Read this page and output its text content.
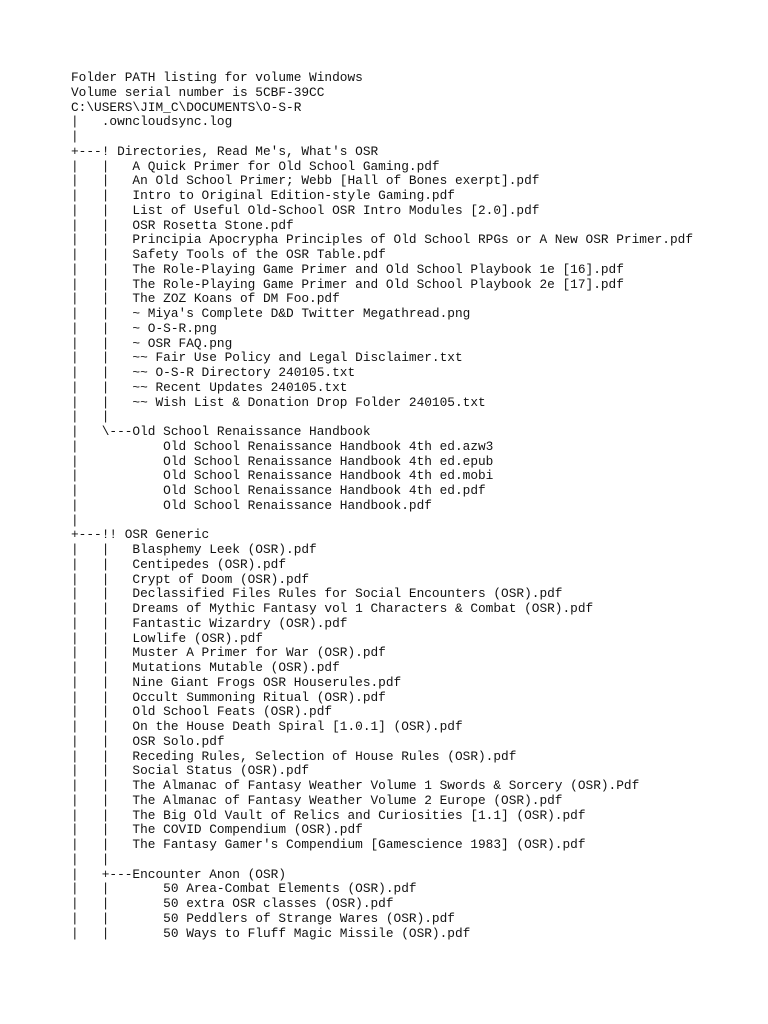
Folder PATH listing for volume Windows
Volume serial number is 5CBF-39CC
C:\USERS\JIM_C\DOCUMENTS\O-S-R
|   .owncloudsync.log
|
+---! Directories, Read Me's, What's OSR
|   |   A Quick Primer for Old School Gaming.pdf
|   |   An Old School Primer; Webb [Hall of Bones exerpt].pdf
|   |   Intro to Original Edition-style Gaming.pdf
|   |   List of Useful Old-School OSR Intro Modules [2.0].pdf
|   |   OSR Rosetta Stone.pdf
|   |   Principia Apocrypha Principles of Old School RPGs or A New OSR Primer.pdf
|   |   Safety Tools of the OSR Table.pdf
|   |   The Role-Playing Game Primer and Old School Playbook 1e [16].pdf
|   |   The Role-Playing Game Primer and Old School Playbook 2e [17].pdf
|   |   The ZOZ Koans of DM Foo.pdf
|   |   ~ Miya's Complete D&D Twitter Megathread.png
|   |   ~ O-S-R.png
|   |   ~ OSR FAQ.png
|   |   ~~ Fair Use Policy and Legal Disclaimer.txt
|   |   ~~ O-S-R Directory 240105.txt
|   |   ~~ Recent Updates 240105.txt
|   |   ~~ Wish List & Donation Drop Folder 240105.txt
|   |
|   \---Old School Renaissance Handbook
|           Old School Renaissance Handbook 4th ed.azw3
|           Old School Renaissance Handbook 4th ed.epub
|           Old School Renaissance Handbook 4th ed.mobi
|           Old School Renaissance Handbook 4th ed.pdf
|           Old School Renaissance Handbook.pdf
|
+---!! OSR Generic
|   |   Blasphemy Leek (OSR).pdf
|   |   Centipedes (OSR).pdf
|   |   Crypt of Doom (OSR).pdf
|   |   Declassified Files Rules for Social Encounters (OSR).pdf
|   |   Dreams of Mythic Fantasy vol 1 Characters & Combat (OSR).pdf
|   |   Fantastic Wizardry (OSR).pdf
|   |   Lowlife (OSR).pdf
|   |   Muster A Primer for War (OSR).pdf
|   |   Mutations Mutable (OSR).pdf
|   |   Nine Giant Frogs OSR Houserules.pdf
|   |   Occult Summoning Ritual (OSR).pdf
|   |   Old School Feats (OSR).pdf
|   |   On the House Death Spiral [1.0.1] (OSR).pdf
|   |   OSR Solo.pdf
|   |   Receding Rules, Selection of House Rules (OSR).pdf
|   |   Social Status (OSR).pdf
|   |   The Almanac of Fantasy Weather Volume 1 Swords & Sorcery (OSR).Pdf
|   |   The Almanac of Fantasy Weather Volume 2 Europe (OSR).pdf
|   |   The Big Old Vault of Relics and Curiosities [1.1] (OSR).pdf
|   |   The COVID Compendium (OSR).pdf
|   |   The Fantasy Gamer's Compendium [Gamescience 1983] (OSR).pdf
|   |
|   +---Encounter Anon (OSR)
|   |       50 Area-Combat Elements (OSR).pdf
|   |       50 extra OSR classes (OSR).pdf
|   |       50 Peddlers of Strange Wares (OSR).pdf
|   |       50 Ways to Fluff Magic Missile (OSR).pdf
